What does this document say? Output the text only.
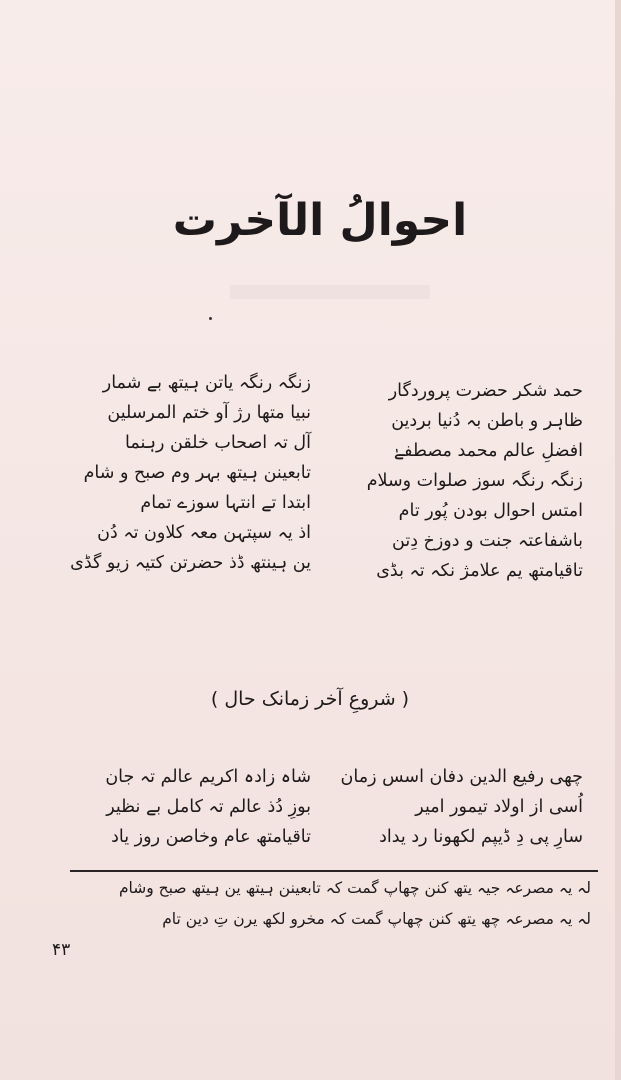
احوالُ الآخرت
حمد شکر حضرت پروردگار
ظاہر و باطن بہ دُنیا بردین
افضلِ عالم محمد مصطفےٰ
زنگہ رنگہ سوز صلوات وسلام
امتس احوال بودن پُور تام
باشفاعتہ جنت و دوزخ دِتن
تاقیامتھ یم علامژ نکہ تہ بڈی
زنگہ رنگہ یاتن ہیتھ بے شمار
نبیا متھا رژ آو ختم المرسلین
آل تہ اصحاب خلقن رہنما
تابعینن ہیتھ بہر وم صبح و شام
ابتدا تے انتہا سوزے تمام
اذ یہ سپتہن معہ کلاون تہ دُن
ین ہینتھ ڈذ حضرتن کتیہ زیو گڈی
( شروعِ آخر زمانک حال )
چھی رفیع الدین دفان اسس زمان
اُسی از اولاد تیمور امیر
سارِ پی دِ ڈیپم لکھونا رد یداد
شاہ زادہ اکریم عالم تہ جان
بوزِ دُذ عالم تہ کامل بے نظیر
تاقیامتھ عام وخاصن روز یاد
لہ یہ مصرعہ جیہ یتھ کنن چھاپ گمت کہ تابعینن ہیتھ ین ہیتھ صبح وشام
لہ یہ مصرعہ چھ یتھ کنن چھاپ گمت کہ مخرو لکھ یرن تِ دین تام
۴۳
